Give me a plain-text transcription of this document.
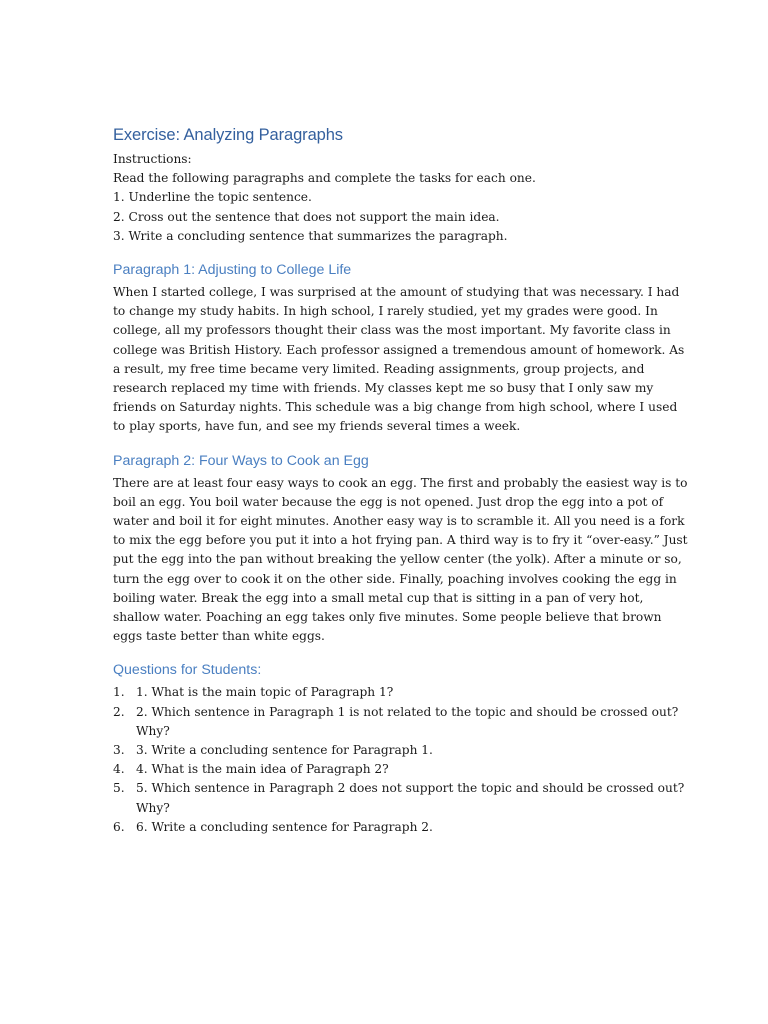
Exercise: Analyzing Paragraphs

Instructions:

Read the following paragraphs and complete the tasks for each one.

1. Underline the topic sentence.

2. Cross out the sentence that does not support the main idea.

3. Write a concluding sentence that summarizes the paragraph.

Paragraph 1: Adjusting to College Life

When I started college, I was surprised at the amount of studying that was necessary. I had
to change my study habits. In high school, I rarely studied, yet my grades were good. In
college, all my professors thought their class was the most important. My favorite class in
college was British History. Each professor assigned a tremendous amount of homework. As
a result, my free time became very limited. Reading assignments, group projects, and
research replaced my time with friends. My classes kept me so busy that I only saw my
friends on Saturday nights. This schedule was a big change from high school, where I used
to play sports, have fun, and see my friends several times a week.

Paragraph 2: Four Ways to Cook an Egg

There are at least four easy ways to cook an egg. The first and probably the easiest way is to
boil an egg. You boil water because the egg is not opened. Just drop the egg into a pot of
water and boil it for eight minutes. Another easy way is to scramble it. All you need is a fork
to mix the egg before you put it into a hot frying pan. A third way is to fry it “over-easy.” Just
put the egg into the pan without breaking the yellow center (the yolk). After a minute or so,
turn the egg over to cook it on the other side. Finally, poaching involves cooking the egg in
boiling water. Break the egg into a small metal cup that is sitting in a pan of very hot,
shallow water. Poaching an egg takes only five minutes. Some people believe that brown
eggs taste better than white eggs.

Questions for Students:
1. 1. What is the main topic of Paragraph 1?
2. 2. Which sentence in Paragraph 1 is not related to the topic and should be crossed out?
Why?
3. 3. Write a concluding sentence for Paragraph 1.
4. 4. What is the main idea of Paragraph 2?
5. 5. Which sentence in Paragraph 2 does not support the topic and should be crossed out?
Why?
6. 6. Write a concluding sentence for Paragraph 2.
